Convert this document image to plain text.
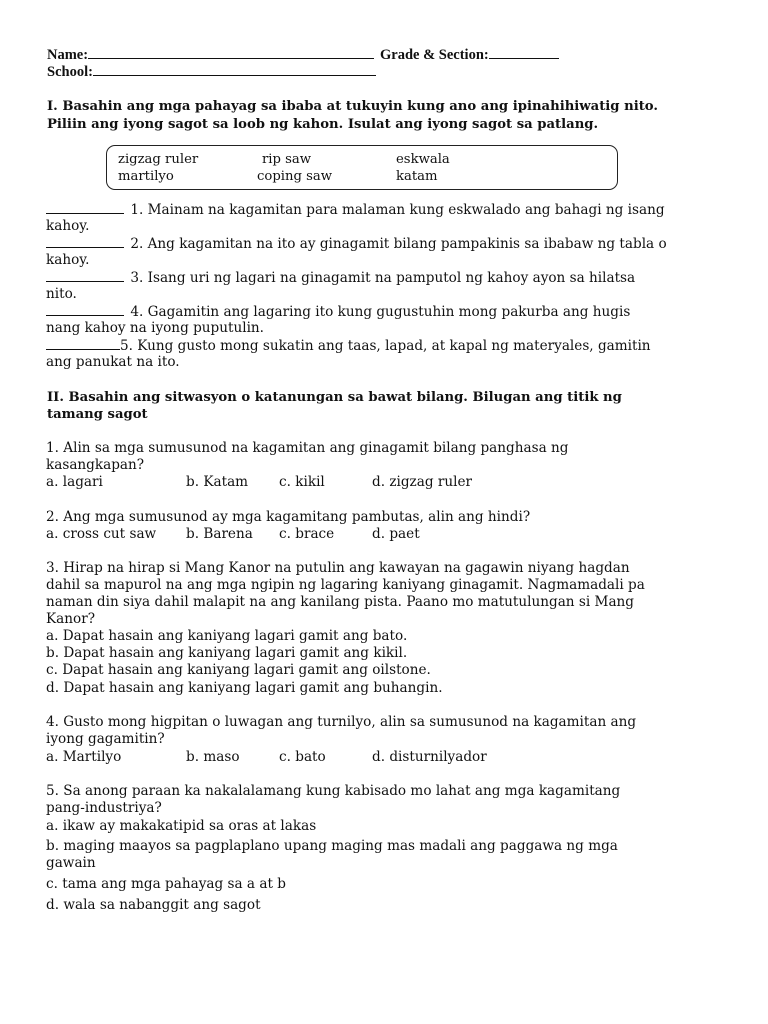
Name:	Grade & Section:
School:
I. Basahin ang mga pahayag sa ibaba at tukuyin kung ano ang ipinahihiwatig nito.
Piliin ang iyong sagot sa loob ng kahon. Isulat ang iyong sagot sa patlang.
zigzag ruler	rip saw	eskwala
martilyo	coping saw	katam
1. Mainam na kagamitan para malaman kung eskwalado ang bahagi ng isang
kahoy.
2. Ang kagamitan na ito ay ginagamit bilang pampakinis sa ibabaw ng tabla o
kahoy.
3. Isang uri ng lagari na ginagamit na pamputol ng kahoy ayon sa hilatsa
nito.
4. Gagamitin ang lagaring ito kung gugustuhin mong pakurba ang hugis
nang kahoy na iyong puputulin.
5. Kung gusto mong sukatin ang taas, lapad, at kapal ng materyales, gamitin
ang panukat na ito.
II. Basahin ang sitwasyon o katanungan sa bawat bilang. Bilugan ang titik ng
tamang sagot
1. Alin sa mga sumusunod na kagamitan ang ginagamit bilang panghasa ng
kasangkapan?
a. lagari	b. Katam c. kikil	d. zigzag ruler
2. Ang mga sumusunod ay mga kagamitang pambutas, alin ang hindi?
a. cross cut saw b. Barena c. brace	d. paet
3. Hirap na hirap si Mang Kanor na putulin ang kawayan na gagawin niyang hagdan
dahil sa mapurol na ang mga ngipin ng lagaring kaniyang ginagamit. Nagmamadali pa
naman din siya dahil malapit na ang kanilang pista. Paano mo matutulungan si Mang
Kanor?
a. Dapat hasain ang kaniyang lagari gamit ang bato.
b. Dapat hasain ang kaniyang lagari gamit ang kikil.
c. Dapat hasain ang kaniyang lagari gamit ang oilstone.
d. Dapat hasain ang kaniyang lagari gamit ang buhangin.
4. Gusto mong higpitan o luwagan ang turnilyo, alin sa sumusunod na kagamitan ang
iyong gagamitin?
a. Martilyo	b. maso	c. bato	d. disturnilyador
5. Sa anong paraan ka nakalalamang kung kabisado mo lahat ang mga kagamitang
pang-industriya?
a. ikaw ay makakatipid sa oras at lakas
b. maging maayos sa pagplaplano upang maging mas madali ang paggawa ng mga
gawain
c. tama ang mga pahayag sa a at b
d. wala sa nabanggit ang sagot
